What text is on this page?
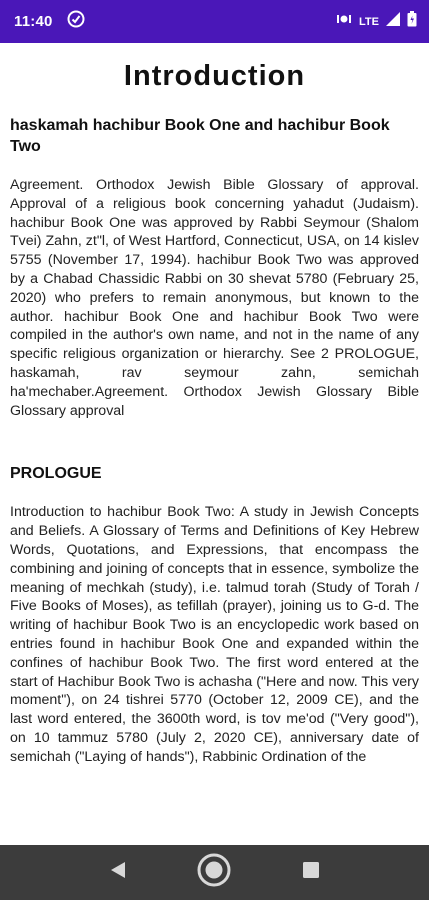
11:40	LTE
Introduction
haskamah hachibur Book One and hachibur Book Two

Agreement. Orthodox Jewish Bible Glossary of approval. Approval of a religious book concerning yahadut (Judaism). hachibur Book One was approved by Rabbi Seymour (Shalom Tvei) Zahn, zt"l, of West Hartford, Connecticut, USA, on 14 kislev 5755 (November 17, 1994). hachibur Book Two was approved by a Chabad Chassidic Rabbi on 30 shevat 5780 (February 25, 2020) who prefers to remain anonymous, but known to the author. hachibur Book One and hachibur Book Two were compiled in the author's own name, and not in the name of any specific religious organization or hierarchy. See 2 PROLOGUE, haskamah, rav seymour zahn, semichah ha'mechaber.Agreement. Orthodox Jewish Glossary Bible Glossary approval

PROLOGUE

Introduction to hachibur Book Two: A study in Jewish Concepts and Beliefs. A Glossary of Terms and Definitions of Key Hebrew Words, Quotations, and Expressions, that encompass the combining and joining of concepts that in essence, symbolize the meaning of mechkah (study), i.e. talmud torah (Study of Torah / Five Books of Moses), as tefillah (prayer), joining us to G-d. The writing of hachibur Book Two is an encyclopedic work based on entries found in hachibur Book One and expanded within the confines of hachibur Book Two. The first word entered at the start of Hachibur Book Two is achasha ("Here and now. This very moment"), on 24 tishrei 5770 (October 12, 2009 CE), and the last word entered, the 3600th word, is tov me'od ("Very good"), on 10 tammuz 5780 (July 2, 2020 CE), anniversary date of semichah ("Laying of hands"), Rabbinic Ordination of the
